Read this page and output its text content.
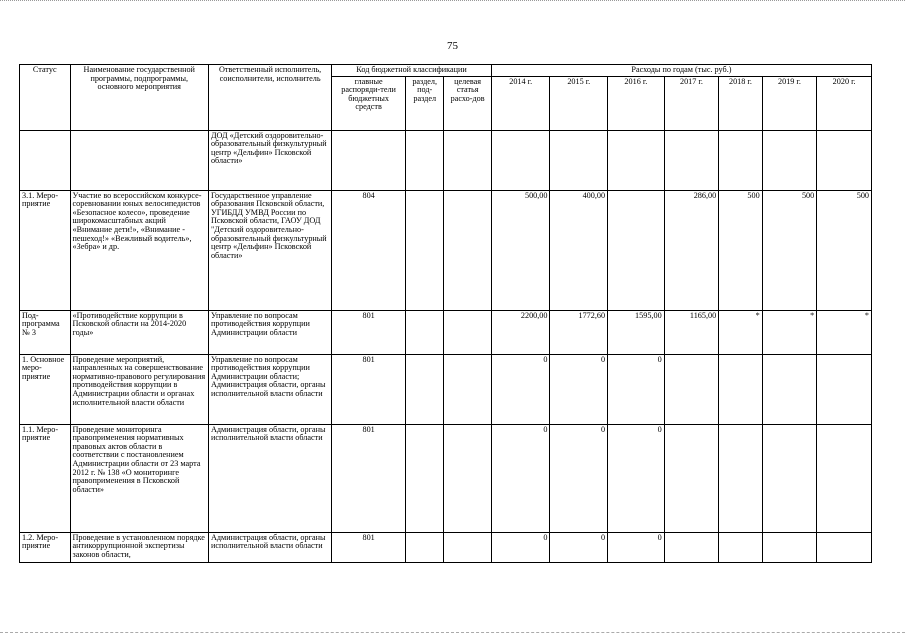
75
Статус	Наименование государственной программы, подпрограммы, основного мероприятия	Ответственный исполнитель, соисполнители, исполнитель	Код бюджетной классификации			Расходы по годам (тыс. руб.)						
			главные распоряди-тели бюджетных средств	раздел, под-раздел	целевая статья расхо-дов	2014 г.	2015 г.	2016 г.	2017 г.	2018 г.	2019 г.	2020 г.
		ДОД «Детский оздоровительно-образовательный физкультурный центр «Дельфин» Псковской области»										
3.1. Меро-приятие	Участие во всероссийском конкурсе-соревновании юных велосипедистов «Безопасное колесо», проведение широкомасштабных акций «Внимание дети!», «Внимание - пешеход!» «Вежливый водитель», «Зебра» и др.	Государственное управление образования Псковской области, УГИБДД УМВД России по Псковской области, ГАОУ ДОД "Детский оздоровительно-образовательный физкультурный центр «Дельфин» Псковской области»	804			500,00	400,00		286,00	500	500	500
Под-программа № 3	«Противодействие коррупции в Псковской области на 2014-2020 годы»	Управление по вопросам противодействия коррупции Администрации области	801			2200,00	1772,60	1595,00	1165,00	*	*	*
1. Основное меро-приятие	Проведение мероприятий, направленных на совершенствование нормативно-правового регулирования противодействия коррупции в Администрации области и органах исполнительной власти области	Управление по вопросам противодействия коррупции Администрации области; Администрация области, органы исполнительной власти области	801			0	0	0				
1.1. Меро-приятие	Проведение мониторинга правоприменения нормативных правовых актов области в соответствии с постановлением Администрации области от 23 марта 2012 г. № 138 «О мониторинге правоприменения в Псковской области»	Администрация области, органы исполнительной власти области	801			0	0	0				
1.2. Меро-приятие	Проведение в установленном порядке антикоррупционной экспертизы законов области,	Администрация области, органы исполнительной власти области	801			0	0	0				
